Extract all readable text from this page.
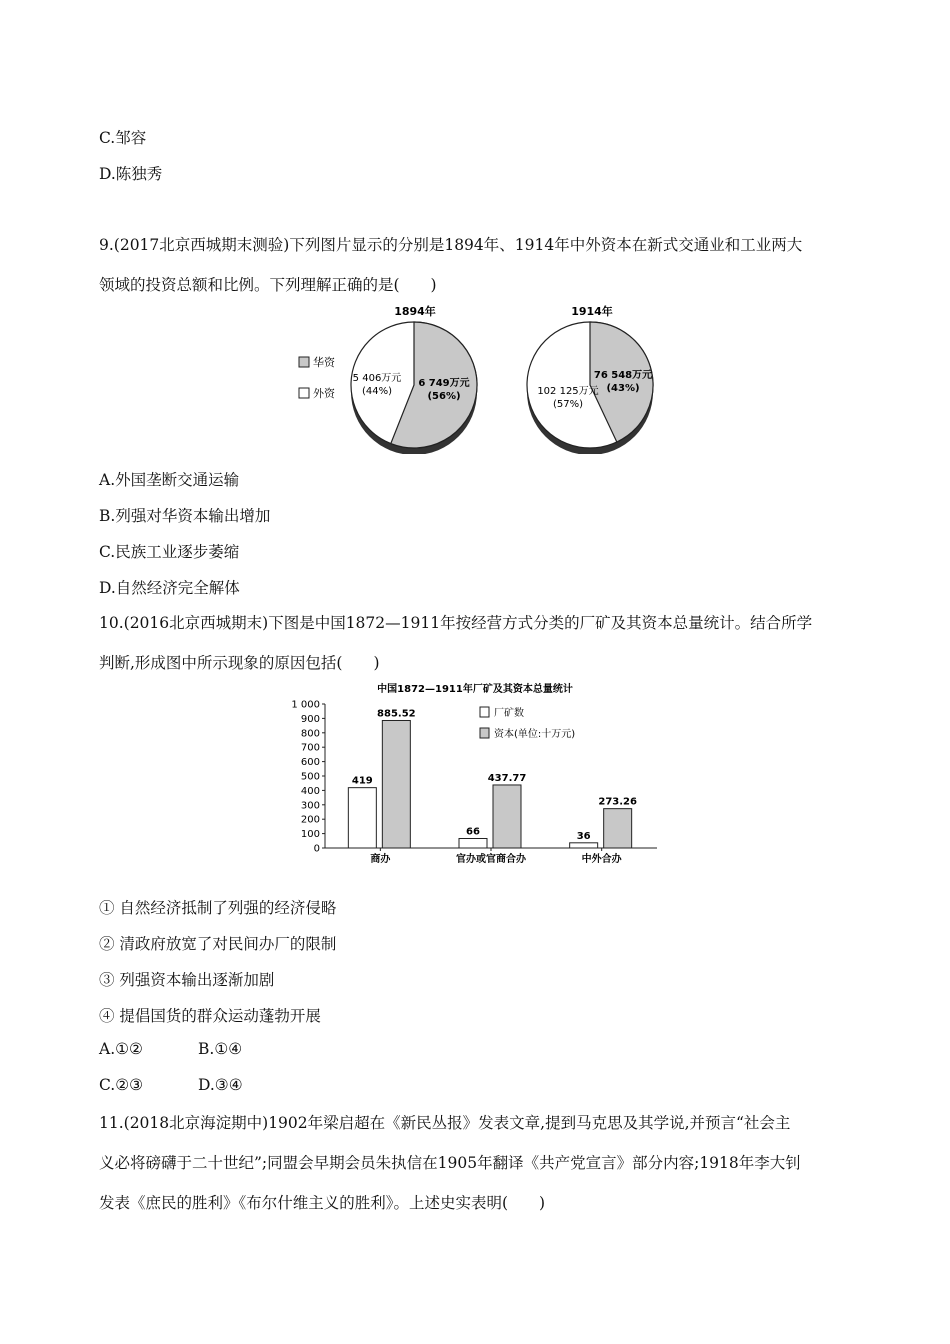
C.邹容
D.陈独秀
9.(2017北京西城期末测验)下列图片显示的分别是1894年、1914年中外资本在新式交通业和工业两大
领域的投资总额和比例。下列理解正确的是(　　)
华资
外资
1894年
5 406万元
(44%)
6 749万元
(56%)
1914年
76 548万元
(43%)
102 125万元
(57%)
A.外国垄断交通运输
B.列强对华资本输出增加
C.民族工业逐步萎缩
D.自然经济完全解体
10.(2016北京西城期末)下图是中国1872—1911年按经营方式分类的厂矿及其资本总量统计。结合所学
判断,形成图中所示现象的原因包括(　　)
中国1872—1911年厂矿及其资本总量统计
0
100
200
300
400
500
600
700
800
900
1 000
419
885.52
商办
66
437.77
官办或官商合办
36
273.26
中外合办
厂矿数
资本(单位:十万元)
① 自然经济抵制了列强的经济侵略
② 清政府放宽了对民间办厂的限制
③ 列强资本输出逐渐加剧
④ 提倡国货的群众运动蓬勃开展
A.①②	B.①④
C.②③	D.③④
11.(2018北京海淀期中)1902年梁启超在《新民丛报》发表文章,提到马克思及其学说,并预言“社会主
义必将磅礴于二十世纪”;同盟会早期会员朱执信在1905年翻译《共产党宣言》部分内容;1918年李大钊
发表《庶民的胜利》《布尔什维主义的胜利》。上述史实表明(　　)
